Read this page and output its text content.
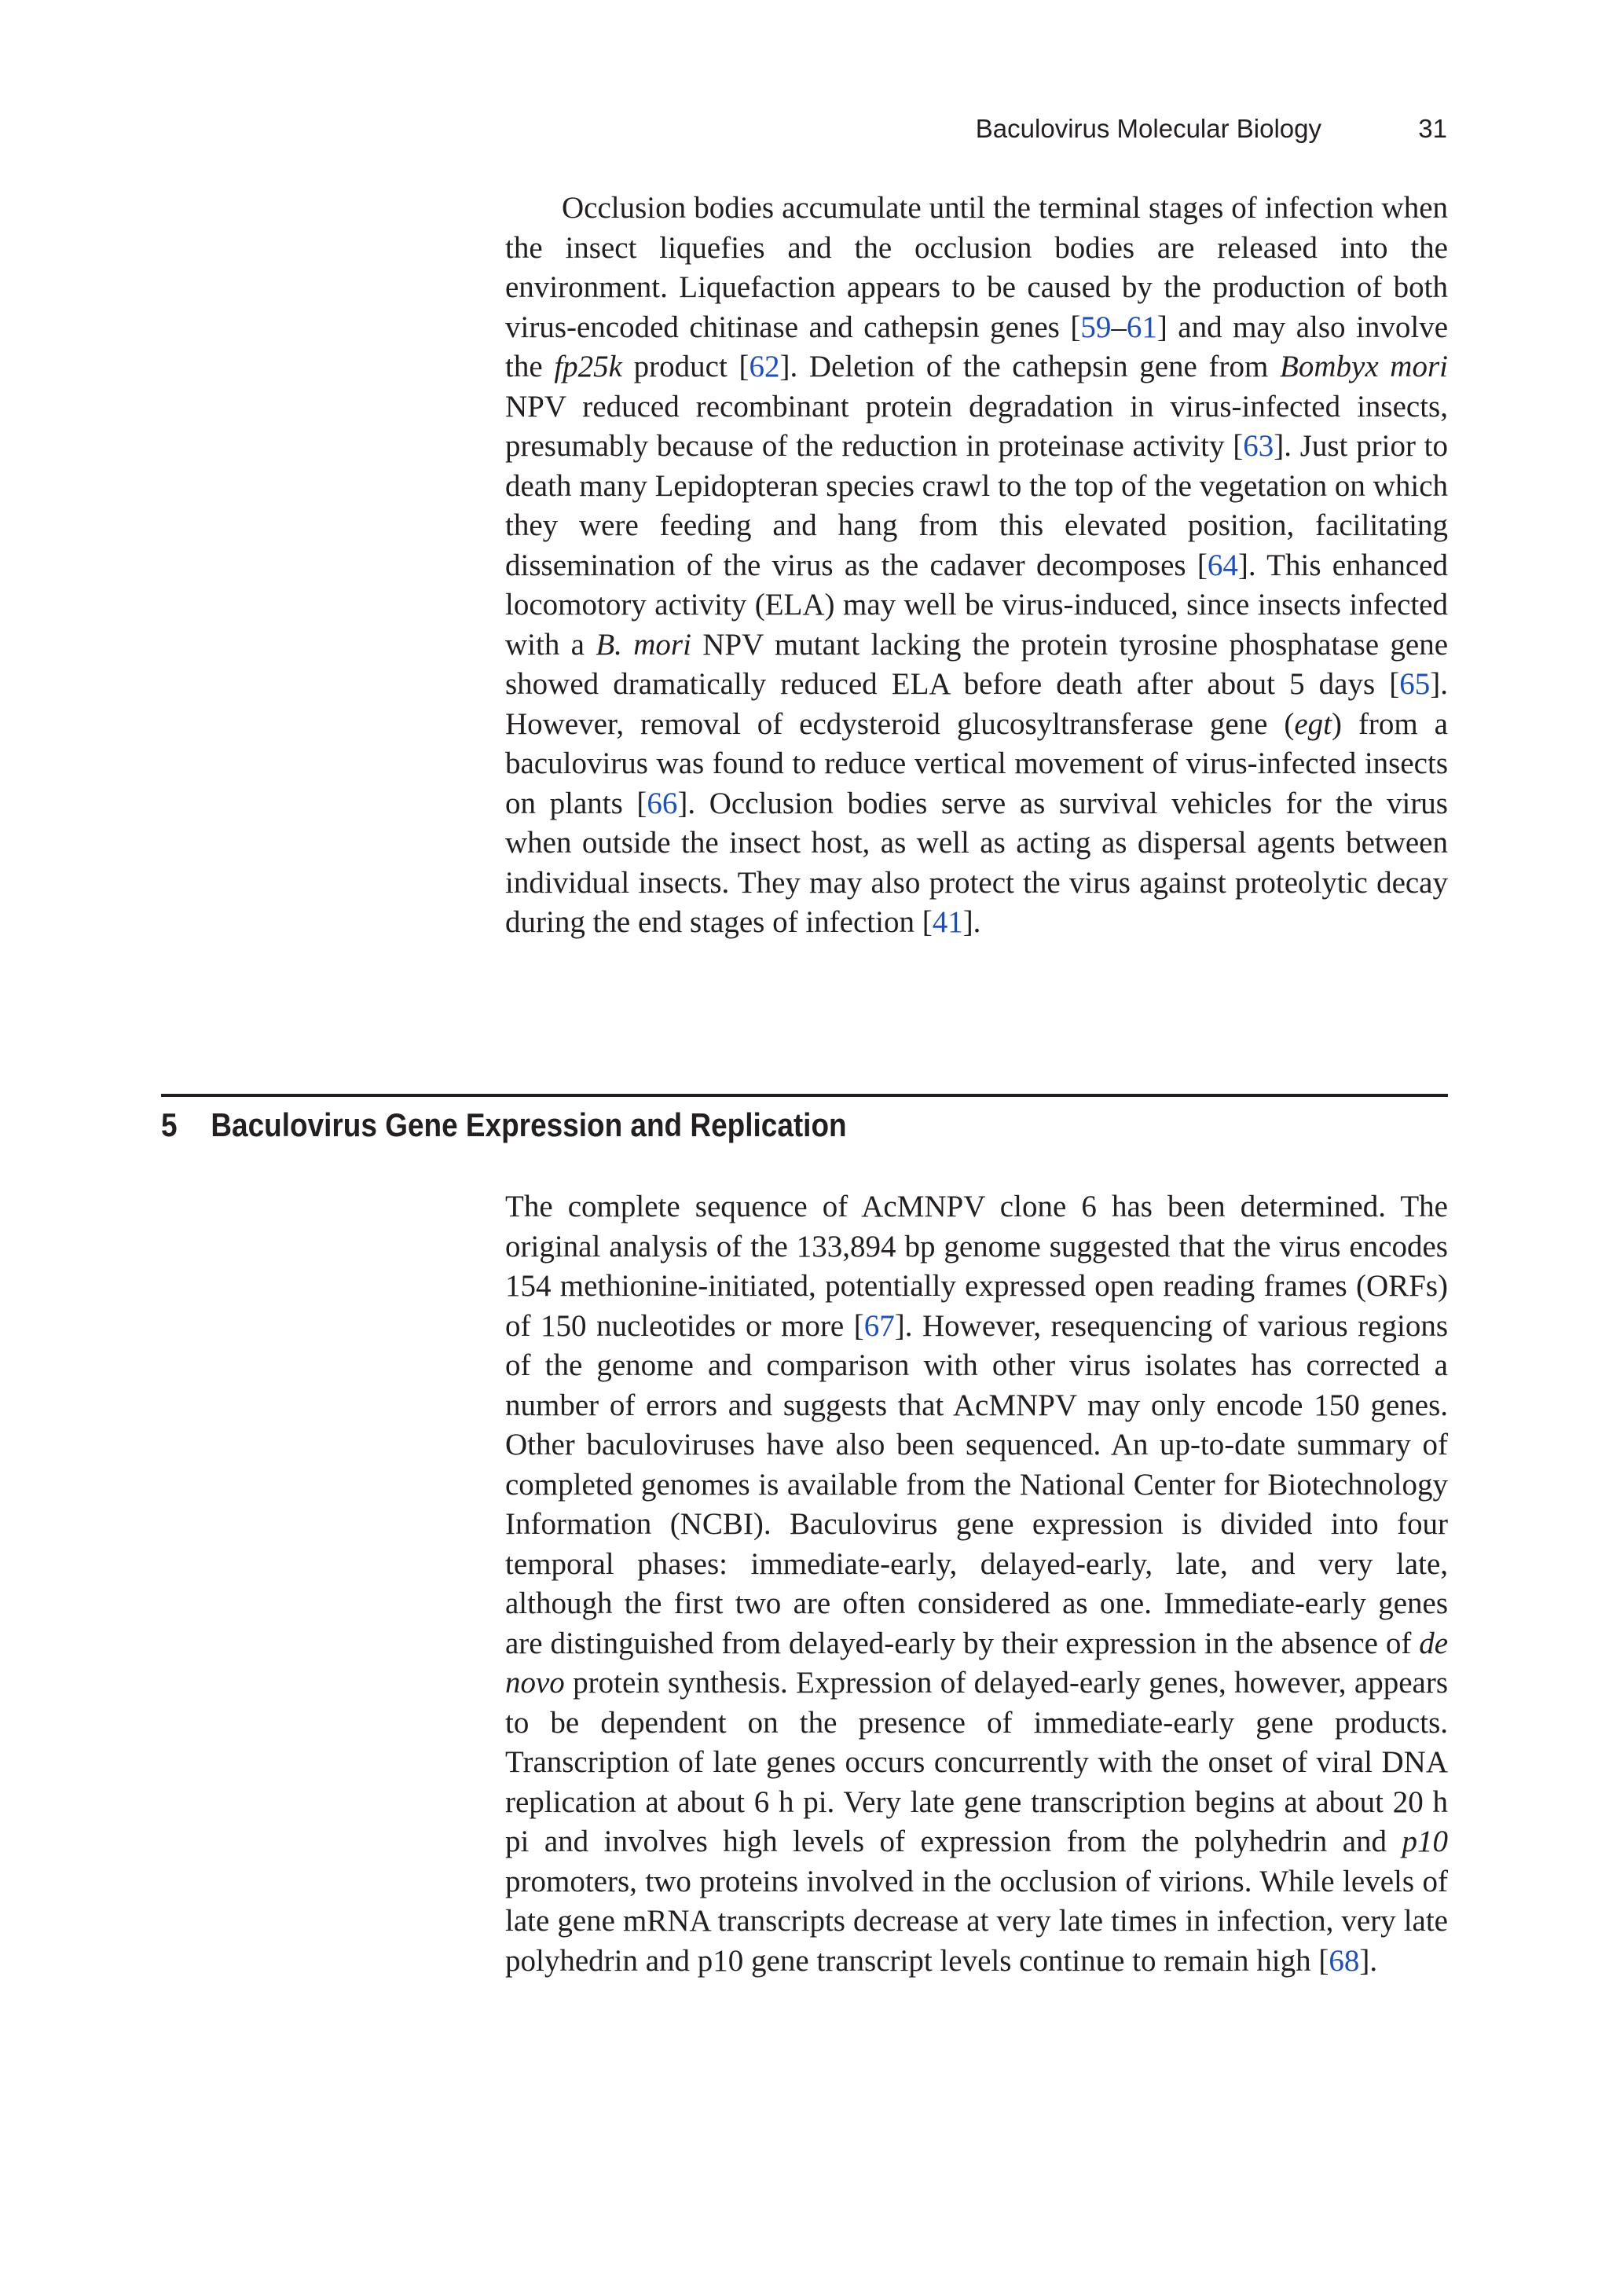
Baculovirus Molecular Biology	31

Occlusion bodies accumulate until the terminal stages of infection when the insect liquefies and the occlusion bodies are released into the environment. Liquefaction appears to be caused by the production of both virus-encoded chitinase and cathepsin genes [59–61] and may also involve the fp25k product [62]. Deletion of the cathepsin gene from Bombyx mori NPV reduced recombinant protein degradation in virus-infected insects, presumably because of the reduction in proteinase activity [63]. Just prior to death many Lepidopteran species crawl to the top of the vegetation on which they were feeding and hang from this elevated position, facilitating dissemination of the virus as the cadaver decomposes [64]. This enhanced locomotory activity (ELA) may well be virus-induced, since insects infected with a B. mori NPV mutant lacking the protein tyrosine phosphatase gene showed dramatically reduced ELA before death after about 5 days [65]. However, removal of ecdysteroid glucosyltransferase gene (egt) from a baculovirus was found to reduce vertical movement of virus-infected insects on plants [66]. Occlusion bodies serve as survival vehicles for the virus when outside the insect host, as well as acting as dispersal agents between individual insects. They may also protect the virus against proteolytic decay during the end stages of infection [41].

5 Baculovirus Gene Expression and Replication

The complete sequence of AcMNPV clone 6 has been determined. The original analysis of the 133,894 bp genome suggested that the virus encodes 154 methionine-initiated, potentially expressed open reading frames (ORFs) of 150 nucleotides or more [67]. However, resequencing of various regions of the genome and comparison with other virus isolates has corrected a number of errors and suggests that AcMNPV may only encode 150 genes. Other baculoviruses have also been sequenced. An up-to-date summary of completed genomes is available from the National Center for Biotechnology Information (NCBI). Baculovirus gene expression is divided into four temporal phases: immediate-early, delayed-early, late, and very late, although the first two are often considered as one. Immediate-early genes are distinguished from delayed-early by their expression in the absence of de novo protein synthesis. Expression of delayed-early genes, however, appears to be dependent on the presence of immediate-early gene products. Transcription of late genes occurs concurrently with the onset of viral DNA replication at about 6 h pi. Very late gene transcription begins at about 20 h pi and involves high levels of expression from the polyhedrin and p10 promoters, two proteins involved in the occlusion of virions. While levels of late gene mRNA transcripts decrease at very late times in infection, very late polyhedrin and p10 gene transcript levels continue to remain high [68].
